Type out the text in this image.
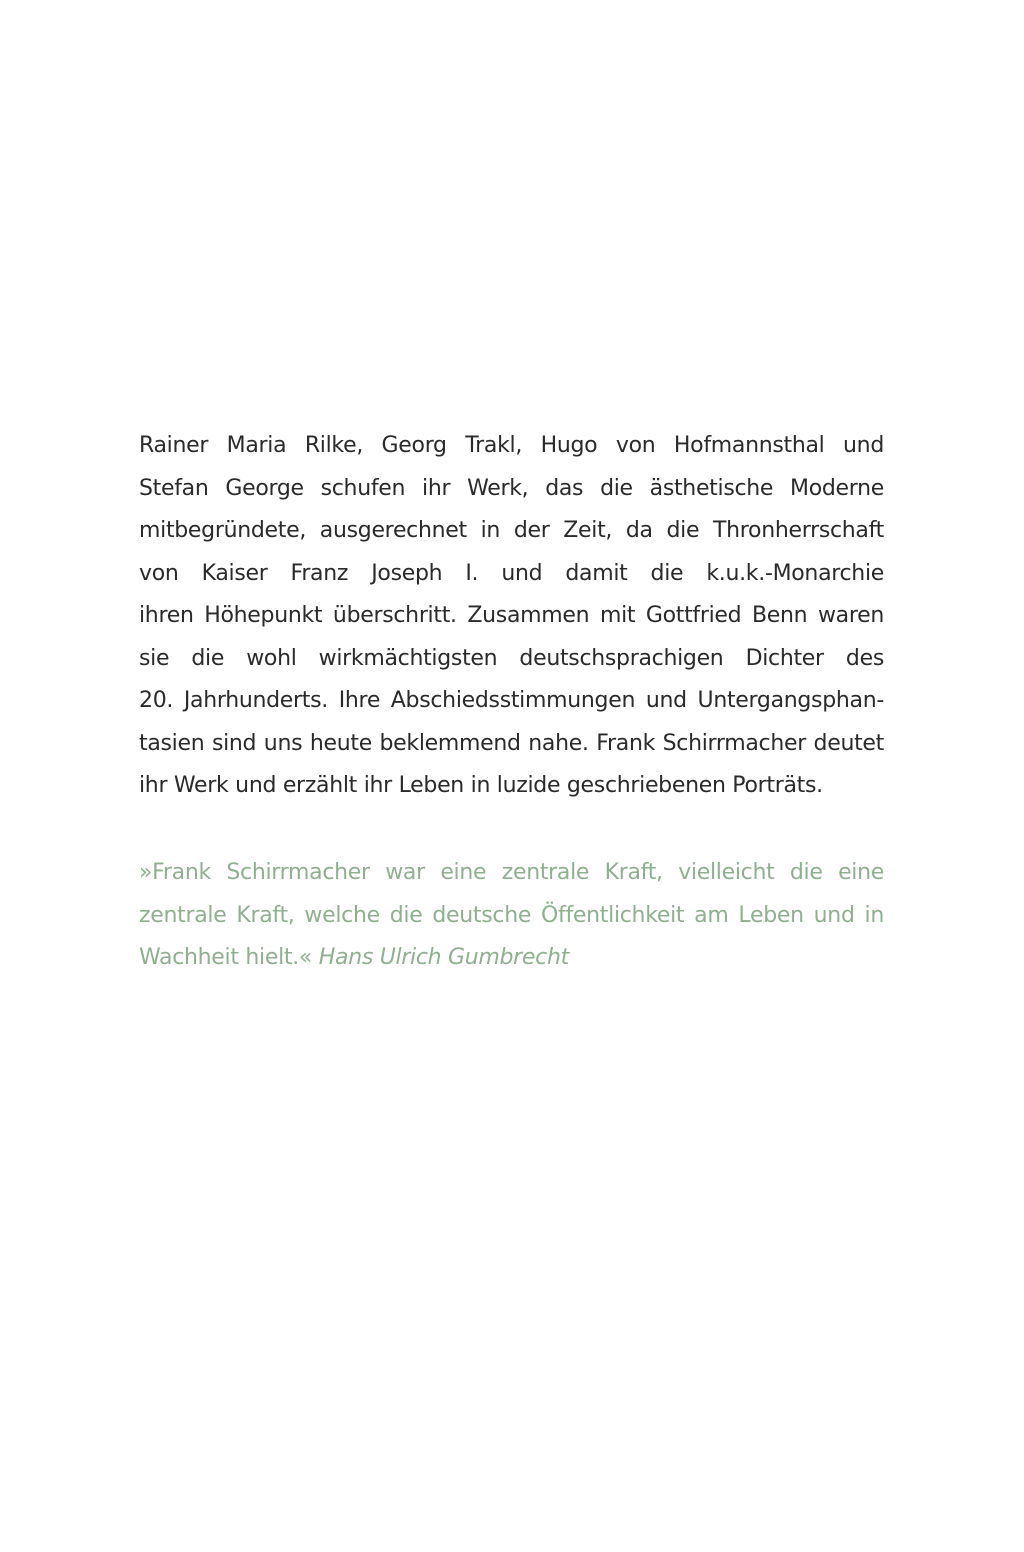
Rainer Maria Rilke, Georg Trakl, Hugo von Hofmannsthal und
Stefan George schufen ihr Werk, das die ästhetische Moderne
mitbegründete, ausgerechnet in der Zeit, da die Thronherrschaft
von Kaiser Franz Joseph I. und damit die k.u.k.-Monarchie
ihren Höhepunkt überschritt. Zusammen mit Gottfried Benn waren
sie die wohl wirkmächtigsten deutschsprachigen Dichter des
20. Jahrhunderts. Ihre Abschiedsstimmungen und Untergangsphan-
tasien sind uns heute beklemmend nahe. Frank Schirrmacher deutet
ihr Werk und erzählt ihr Leben in luzide geschriebenen Porträts.
»Frank Schirrmacher war eine zentrale Kraft, vielleicht die eine
zentrale Kraft, welche die deutsche Öffentlichkeit am Leben und in
Wachheit hielt.« Hans Ulrich Gumbrecht
